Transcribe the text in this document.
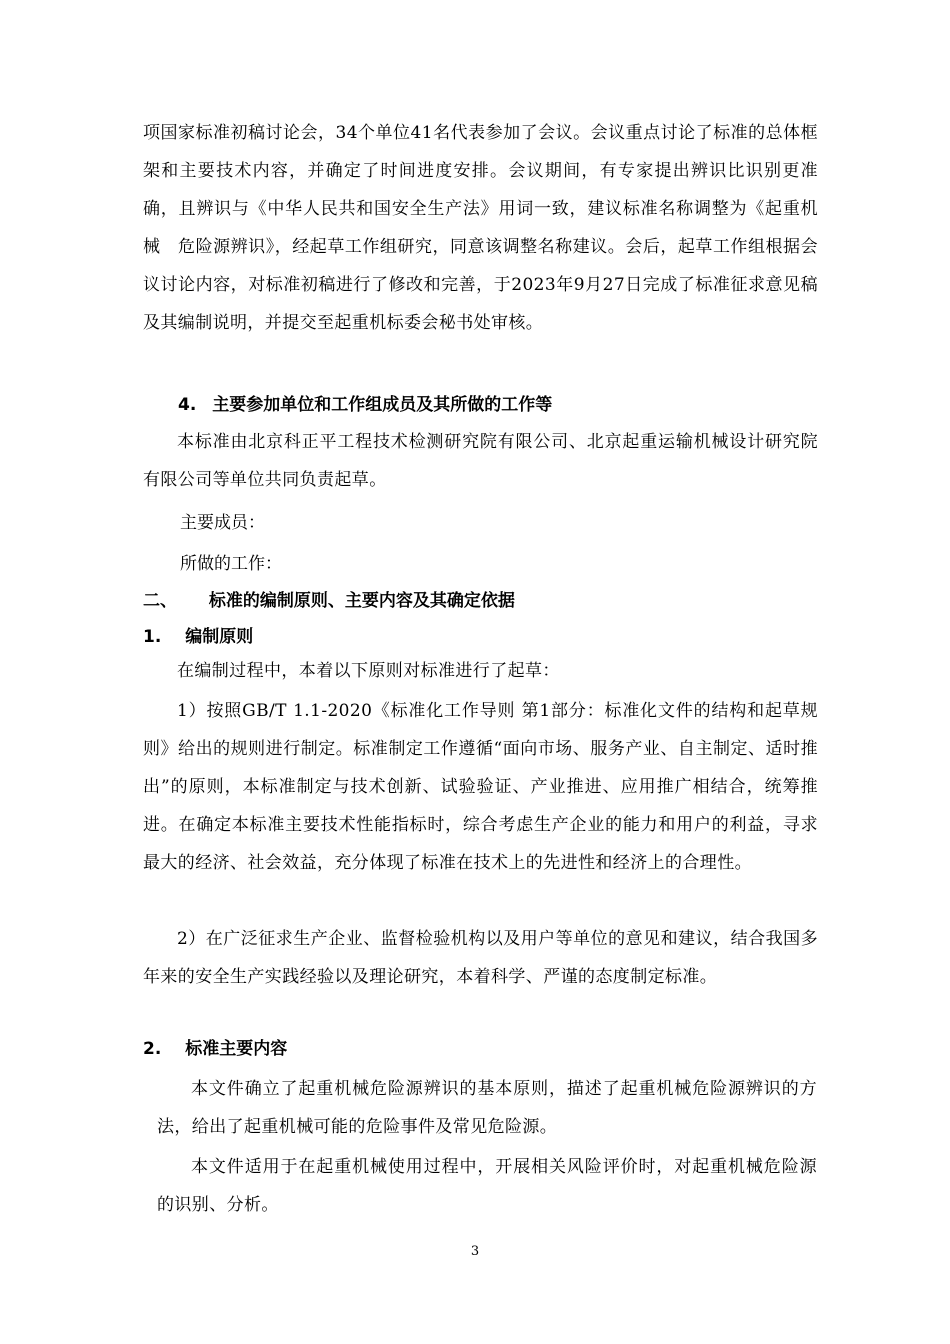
项国家标准初稿讨论会，34个单位41名代表参加了会议。会议重点讨论了标准的总体框架和主要技术内容，并确定了时间进度安排。会议期间，有专家提出辨识比识别更准确，且辨识与《中华人民共和国安全生产法》用词一致，建议标准名称调整为《起重机械　危险源辨识》，经起草工作组研究，同意该调整名称建议。会后，起草工作组根据会议讨论内容，对标准初稿进行了修改和完善，于2023年9月27日完成了标准征求意见稿及其编制说明，并提交至起重机标委会秘书处审核。

4. 主要参加单位和工作组成员及其所做的工作等

本标准由北京科正平工程技术检测研究院有限公司、北京起重运输机械设计研究院有限公司等单位共同负责起草。

主要成员：
所做的工作：
二、 标准的编制原则、主要内容及其确定依据
1. 编制原则

在编制过程中，本着以下原则对标准进行了起草：

1）按照GB/T 1.1-2020《标准化工作导则 第1部分：标准化文件的结构和起草规则》给出的规则进行制定。标准制定工作遵循“面向市场、服务产业、自主制定、适时推出”的原则，本标准制定与技术创新、试验验证、产业推进、应用推广相结合，统筹推进。在确定本标准主要技术性能指标时，综合考虑生产企业的能力和用户的利益，寻求最大的经济、社会效益，充分体现了标准在技术上的先进性和经济上的合理性。

2）在广泛征求生产企业、监督检验机构以及用户等单位的意见和建议，结合我国多年来的安全生产实践经验以及理论研究，本着科学、严谨的态度制定标准。

2. 标准主要内容

本文件确立了起重机械危险源辨识的基本原则，描述了起重机械危险源辨识的方法，给出了起重机械可能的危险事件及常见危险源。

本文件适用于在起重机械使用过程中，开展相关风险评价时，对起重机械危险源的识别、分析。

3
